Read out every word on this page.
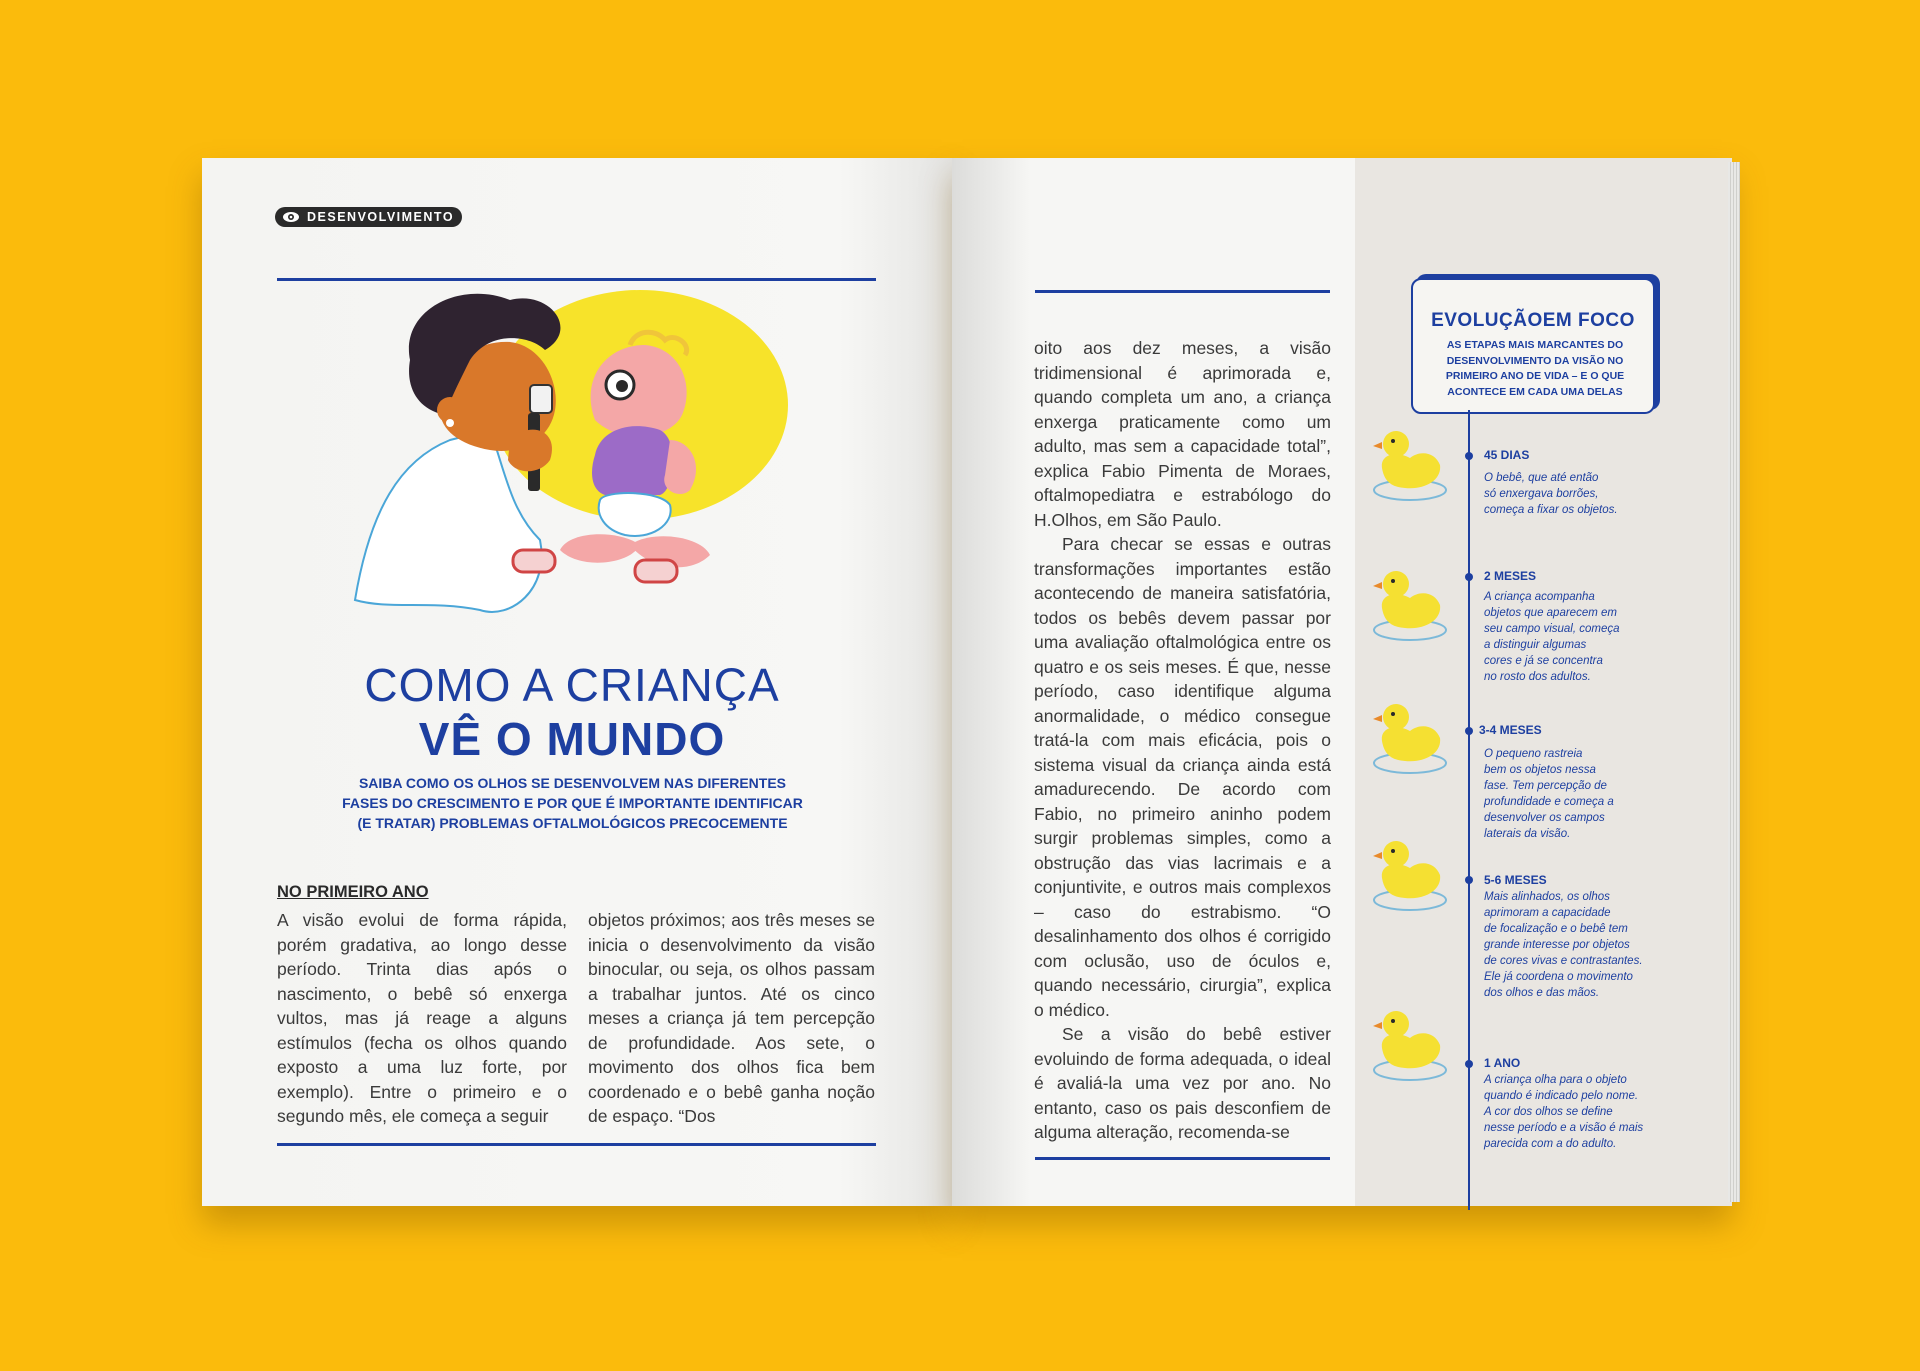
DESENVOLVIMENTO
COMO A CRIANÇA
VÊ O MUNDO
SAIBA COMO OS OLHOS SE DESENVOLVEM NAS DIFERENTES
FASES DO CRESCIMENTO E POR QUE É IMPORTANTE IDENTIFICAR
(E TRATAR) PROBLEMAS OFTALMOLÓGICOS PRECOCEMENTE
NO PRIMEIRO ANO

A visão evolui de forma rápida, porém gradativa, ao longo desse período. Trinta dias após o nascimento, o bebê só enxerga vultos, mas já reage a alguns estímulos (fecha os olhos quando exposto a uma luz forte, por exemplo). Entre o primeiro e o segundo mês, ele começa a seguir

objetos próximos; aos três meses se inicia o desenvolvimento da visão binocular, ou seja, os olhos passam a trabalhar juntos. Até os cinco meses a criança já tem percepção de profundidade. Aos sete, o movimento dos olhos fica bem coordenado e o bebê ganha noção de espaço. “Dos

oito aos dez meses, a visão tridimensional é aprimorada e, quando completa um ano, a criança enxerga praticamente como um adulto, mas sem a capacidade total”, explica Fabio Pimenta de Moraes, oftalmopediatra e estrabólogo do H.Olhos, em São Paulo.

Para checar se essas e outras transformações importantes estão acontecendo de maneira satisfatória, todos os bebês devem passar por uma avaliação oftalmológica entre os quatro e os seis meses. É que, nesse período, caso identifique alguma anormalidade, o médico consegue tratá-la com mais eficácia, pois o sistema visual da criança ainda está amadurecendo. De acordo com Fabio, no primeiro aninho podem surgir problemas simples, como a obstrução das vias lacrimais e a conjuntivite, e outros mais complexos – caso do estrabismo. “O desalinhamento dos olhos é corrigido com oclusão, uso de óculos e, quando necessário, cirurgia”, explica o médico.

Se a visão do bebê estiver evoluindo de forma adequada, o ideal é avaliá-la uma vez por ano. No entanto, caso os pais desconfiem de alguma alteração, recomenda-se

EVOLUÇÃOEM FOCO
AS ETAPAS MAIS MARCANTES DO
DESENVOLVIMENTO DA VISÃO NO
PRIMEIRO ANO DE VIDA – E O QUE
ACONTECE EM CADA UMA DELAS
45 DIAS
O bebê, que até então
só enxergava borrões,
começa a fixar os objetos.
2 MESES
A criança acompanha
objetos que aparecem em
seu campo visual, começa
a distinguir algumas
cores e já se concentra
no rosto dos adultos.
3-4 MESES
O pequeno rastreia
bem os objetos nessa
fase. Tem percepção de
profundidade e começa a
desenvolver os campos
laterais da visão.
5-6 MESES
Mais alinhados, os olhos
aprimoram a capacidade
de focalização e o bebê tem
grande interesse por objetos
de cores vivas e contrastantes.
Ele já coordena o movimento
dos olhos e das mãos.
1 ANO
A criança olha para o objeto
quando é indicado pelo nome.
A cor dos olhos se define
nesse período e a visão é mais
parecida com a do adulto.
